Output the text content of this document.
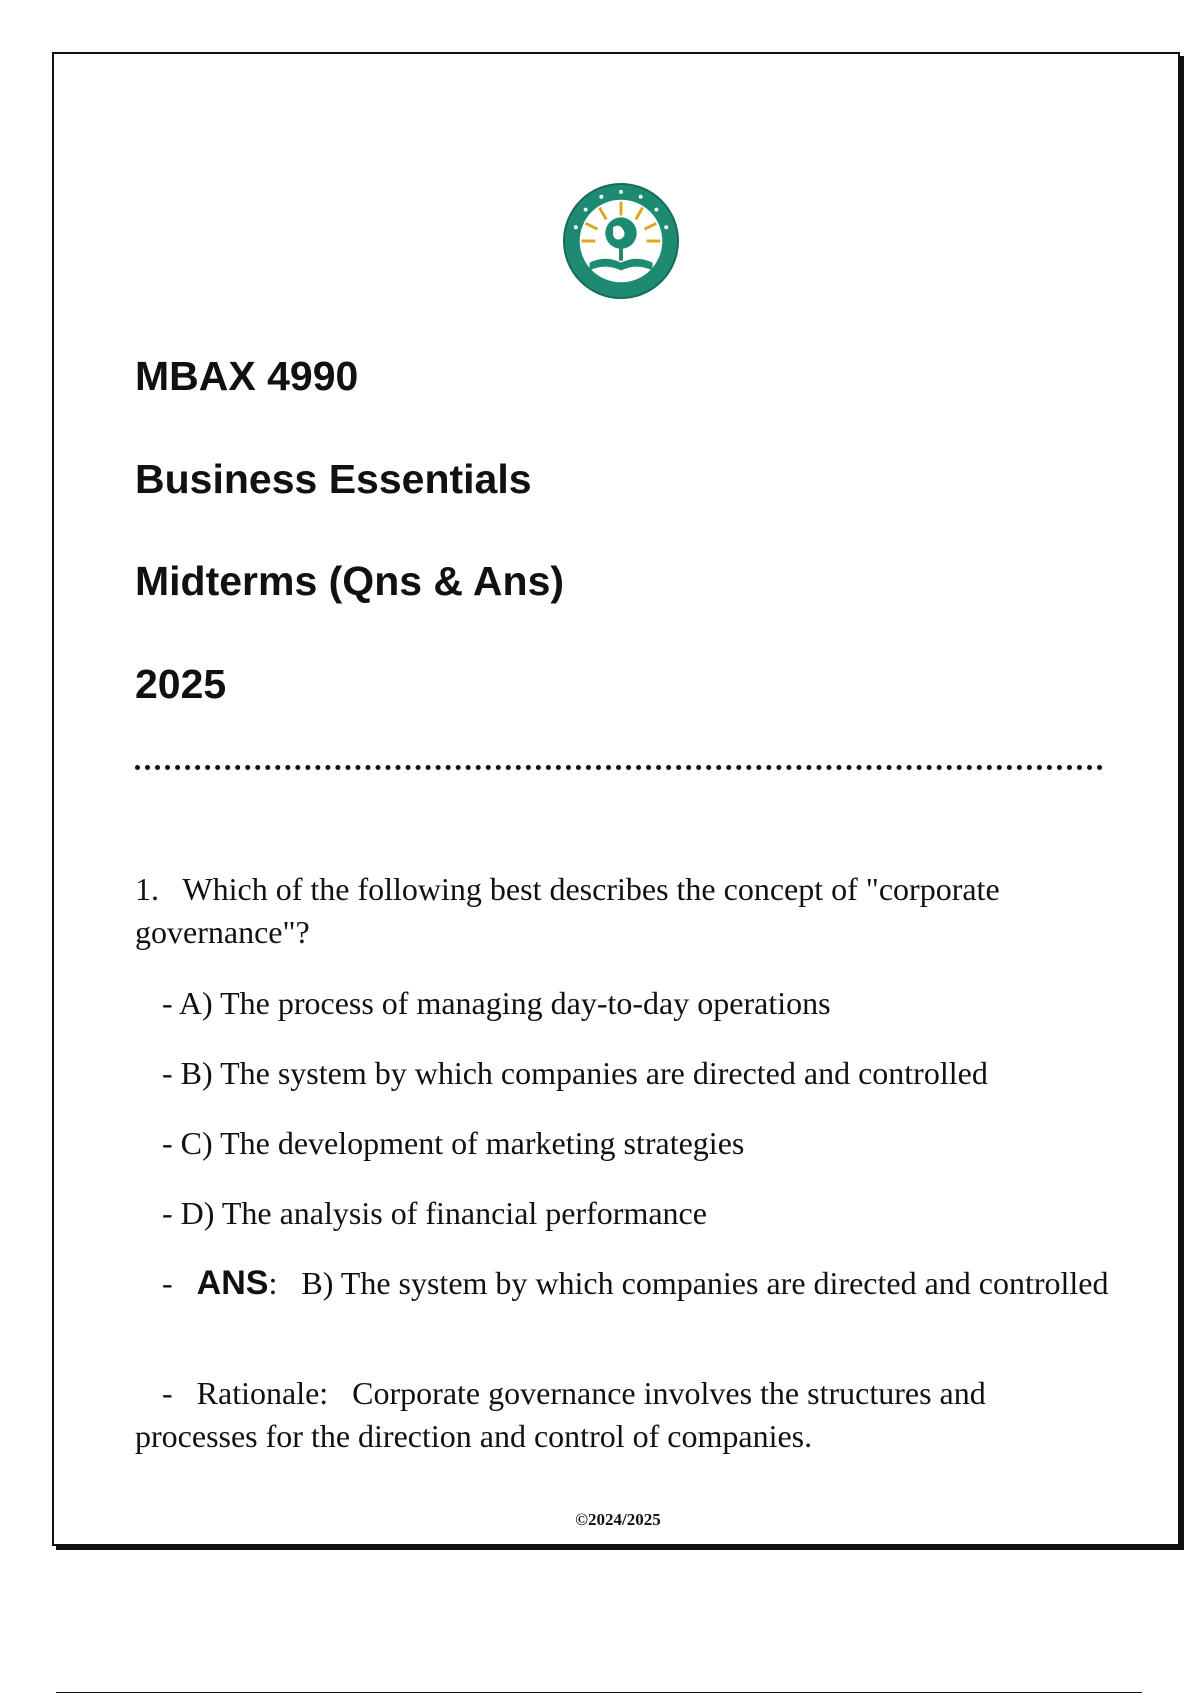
MBAX 4990
Business Essentials
Midterms (Qns & Ans)
2025
1. Which of the following best describes the concept of "corporate governance"?
- A) The process of managing day-to-day operations
- B) The system by which companies are directed and controlled
- C) The development of marketing strategies
- D) The analysis of financial performance
- ANS:   B) The system by which companies are directed and controlled
- Rationale: Corporate governance involves the structures and processes for the direction and control of companies.
©2024/2025
